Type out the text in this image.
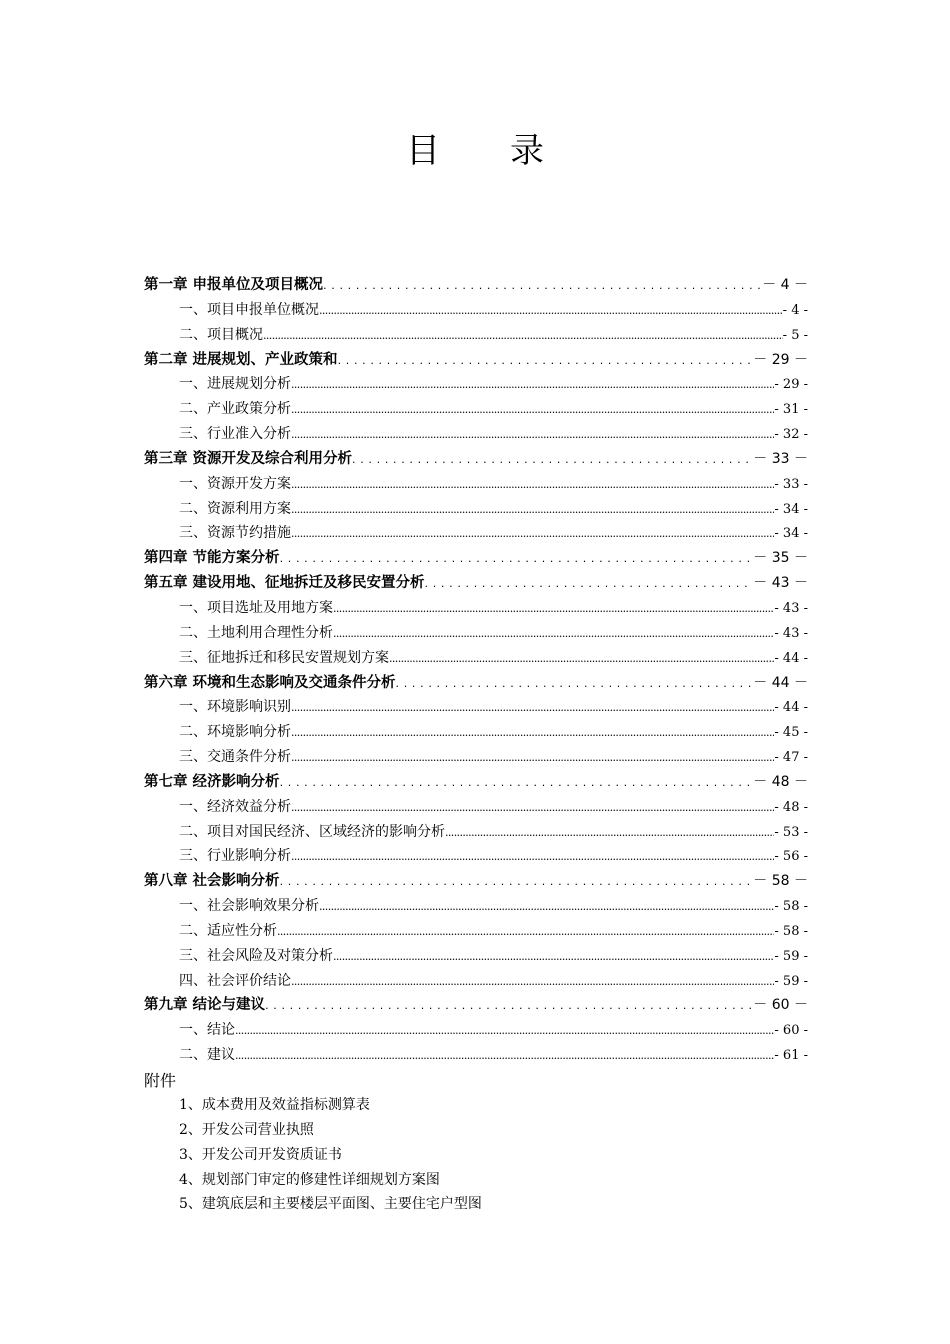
目 录
第一章 申报单位及项目概况 . . .	－ 4 －
一、项目申报单位概况 .....	- 4 -
二、项目概况 .....	- 5 -
第二章 进展规划、产业政策和 . . .	－ 29 －
一、进展规划分析 .....	- 29 -
二、产业政策分析 .....	- 31 -
三、行业准入分析 .....	- 32 -
第三章 资源开发及综合利用分析 . . .	－ 33 －
一、资源开发方案 .....	- 33 -
二、资源利用方案 .....	- 34 -
三、资源节约措施 .....	- 34 -
第四章 节能方案分析 . . .	－ 35 －
第五章 建设用地、征地拆迁及移民安置分析 . . .	－ 43 －
一、项目选址及用地方案 .....	- 43 -
二、土地利用合理性分析 .....	- 43 -
三、征地拆迁和移民安置规划方案 .....	- 44 -
第六章 环境和生态影响及交通条件分析 . . .	－ 44 －
一、环境影响识别 .....	- 44 -
二、环境影响分析 .....	- 45 -
三、交通条件分析 .....	- 47 -
第七章 经济影响分析 . . .	－ 48 －
一、经济效益分析 .....	- 48 -
二、项目对国民经济、区域经济的影响分析 .....	- 53 -
三、行业影响分析 .....	- 56 -
第八章 社会影响分析 . . .	－ 58 －
一、社会影响效果分析 .....	- 58 -
二、适应性分析 .....	- 58 -
三、社会风险及对策分析 .....	- 59 -
四、社会评价结论 .....	- 59 -
第九章 结论与建议 . . .	－ 60 －
一、结论 .....	- 60 -
二、建议 .....	- 61 -
附件
1、成本费用及效益指标测算表
2、开发公司营业执照
3、开发公司开发资质证书
4、规划部门审定的修建性详细规划方案图
5、建筑底层和主要楼层平面图、主要住宅户型图
